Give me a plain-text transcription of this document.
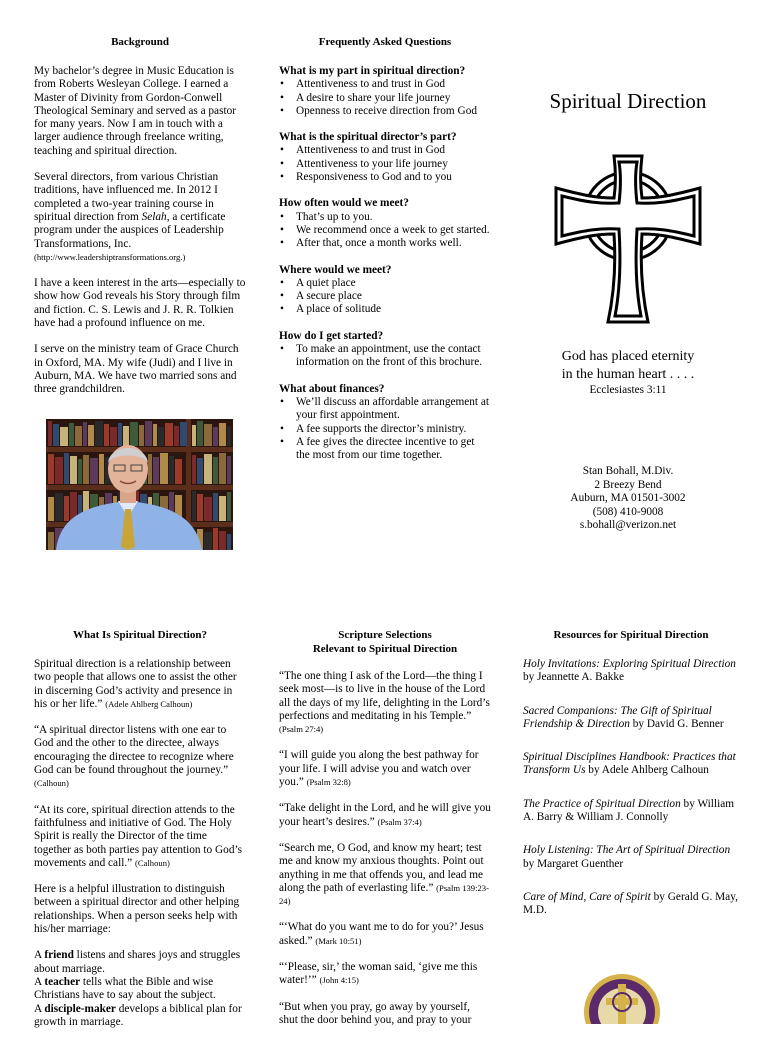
Background

My bachelor’s degree in Music Education is from Roberts Wesleyan College. I earned a Master of Divinity from Gordon-Conwell Theological Seminary and served as a pastor for many years. Now I am in touch with a larger audience through freelance writing, teaching and spiritual direction.

Several directors, from various Christian traditions, have influenced me. In 2012 I completed a two-year training course in spiritual direction from Selah, a certificate program under the auspices of Leadership Transformations, Inc.
(http://www.leadershiptransformations.org.)

I have a keen interest in the arts—especially to show how God reveals his Story through film and fiction. C. S. Lewis and J. R. R. Tolkien have had a profound influence on me.

I serve on the ministry team of Grace Church in Oxford, MA. My wife (Judi) and I live in Auburn, MA. We have two married sons and three grandchildren.

Frequently Asked Questions
What is my part in spiritual direction?
• Attentiveness to and trust in God
• A desire to share your life journey
• Openness to receive direction from God
What is the spiritual director’s part?
• Attentiveness to and trust in God
• Attentiveness to your life journey
• Responsiveness to God and to you
How often would we meet?
• That’s up to you.
• We recommend once a week to get started.
• After that, once a month works well.
Where would we meet?
• A quiet place
• A secure place
• A place of solitude
How do I get started?
• To make an appointment, use the contact information on the front of this brochure.
What about finances?
• We’ll discuss an affordable arrangement at your first appointment.
• A fee supports the director’s ministry.
• A fee gives the directee incentive to get the most from our time together.
Spiritual Direction
God has placed eternity
in the human heart . . . .
Ecclesiastes 3:11
Stan Bohall, M.Div.
2 Breezy Bend
Auburn, MA 01501-3002
(508) 410-9008
s.bohall@verizon.net
What Is Spiritual Direction?

Spiritual direction is a relationship between two people that allows one to assist the other in discerning God’s activity and presence in his or her life.” (Adele Ahlberg Calhoun)

“A spiritual director listens with one ear to God and the other to the directee, always encouraging the directee to recognize where God can be found throughout the journey.”
(Calhoun)

“At its core, spiritual direction attends to the faithfulness and initiative of God. The Holy Spirit is really the Director of the time together as both parties pay attention to God’s movements and call.” (Calhoun)

Here is a helpful illustration to distinguish between a spiritual director and other helping relationships. When a person seeks help with his/her marriage:

A friend listens and shares joys and struggles about marriage.
A teacher tells what the Bible and wise Christians have to say about the subject.
A disciple-maker develops a biblical plan for growth in marriage.
Scripture Selections
Relevant to Spiritual Direction

“The one thing I ask of the Lord—the thing I seek most—is to live in the house of the Lord all the days of my life, delighting in the Lord’s perfections and meditating in his Temple.” (Psalm 27:4)

“I will guide you along the best pathway for your life. I will advise you and watch over you.” (Psalm 32:8)

“Take delight in the Lord, and he will give you your heart’s desires.” (Psalm 37:4)

“Search me, O God, and know my heart; test me and know my anxious thoughts. Point out anything in me that offends you, and lead me along the path of everlasting life.” (Psalm 139:23-24)

“‘What do you want me to do for you?’ Jesus asked.” (Mark 10:51)

“‘Please, sir,’ the woman said, ‘give me this water!’” (John 4:15)

“But when you pray, go away by yourself, shut the door behind you, and pray to your

Resources for Spiritual Direction

Holy Invitations: Exploring Spiritual Direction by Jeannette A. Bakke

Sacred Companions: The Gift of Spiritual Friendship & Direction by David G. Benner

Spiritual Disciplines Handbook: Practices that Transform Us by Adele Ahlberg Calhoun

The Practice of Spiritual Direction by William A. Barry & William J. Connolly

Holy Listening: The Art of Spiritual Direction by Margaret Guenther

Care of Mind, Care of Spirit by Gerald G. May, M.D.
